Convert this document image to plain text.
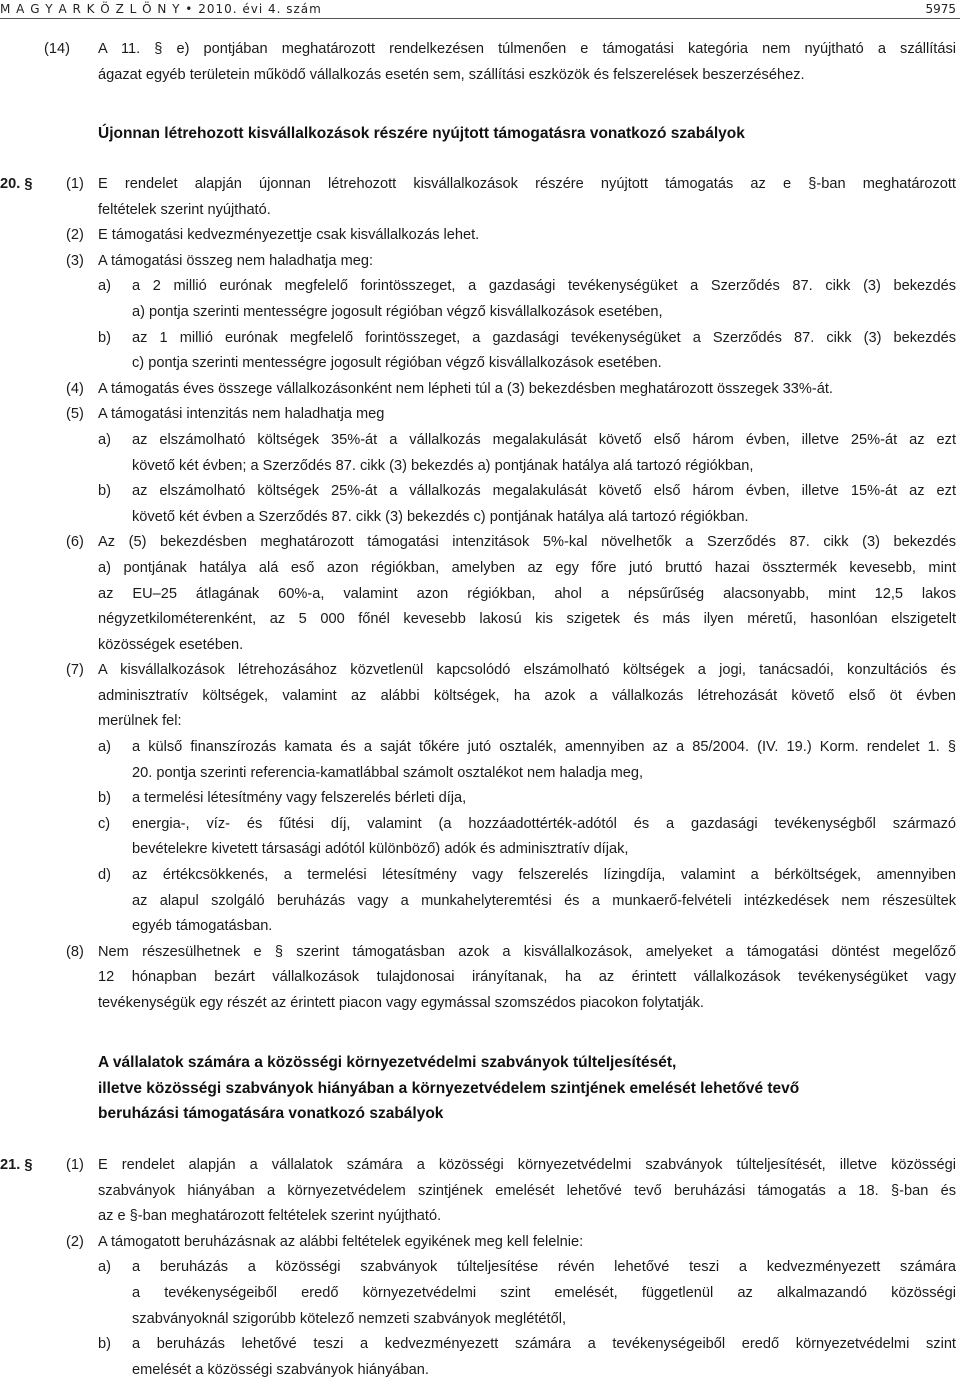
M A G Y A R K Ö Z L Ö N Y • 2010. évi 4. szám	5975
(14) A 11. § e) pontjában meghatározott rendelkezésen túlmenően e támogatási kategória nem nyújtható a szállítási
ágazat egyéb területein működő vállalkozás esetén sem, szállítási eszközök és felszerelések beszerzéséhez.
Újonnan létrehozott kisvállalkozások részére nyújtott támogatásra vonatkozó szabályok
20. § (1) E rendelet alapján újonnan létrehozott kisvállalkozások részére nyújtott támogatás az e §-ban meghatározott
feltételek szerint nyújtható.
(2) E támogatási kedvezményezettje csak kisvállalkozás lehet.
(3) A támogatási összeg nem haladhatja meg:
a) a 2 millió eurónak megfelelő forintösszeget, a gazdasági tevékenységüket a Szerződés 87. cikk (3) bekezdés
a) pontja szerinti mentességre jogosult régióban végző kisvállalkozások esetében,
b) az 1 millió eurónak megfelelő forintösszeget, a gazdasági tevékenységüket a Szerződés 87. cikk (3) bekezdés
c) pontja szerinti mentességre jogosult régióban végző kisvállalkozások esetében.
(4) A támogatás éves összege vállalkozásonként nem lépheti túl a (3) bekezdésben meghatározott összegek 33%-át.
(5) A támogatási intenzitás nem haladhatja meg
a) az elszámolható költségek 35%-át a vállalkozás megalakulását követő első három évben, illetve 25%-át az ezt
követő két évben; a Szerződés 87. cikk (3) bekezdés a) pontjának hatálya alá tartozó régiókban,
b) az elszámolható költségek 25%-át a vállalkozás megalakulását követő első három évben, illetve 15%-át az ezt
követő két évben a Szerződés 87. cikk (3) bekezdés c) pontjának hatálya alá tartozó régiókban.
(6) Az (5) bekezdésben meghatározott támogatási intenzitások 5%-kal növelhetők a Szerződés 87. cikk (3) bekezdés
a) pontjának hatálya alá eső azon régiókban, amelyben az egy főre jutó bruttó hazai össztermék kevesebb, mint
az EU–25 átlagának 60%-a, valamint azon régiókban, ahol a népsűrűség alacsonyabb, mint 12,5 lakos
négyzetkilométerenként, az 5 000 főnél kevesebb lakosú kis szigetek és más ilyen méretű, hasonlóan elszigetelt
közösségek esetében.
(7) A kisvállalkozások létrehozásához közvetlenül kapcsolódó elszámolható költségek a jogi, tanácsadói, konzultációs és
adminisztratív költségek, valamint az alábbi költségek, ha azok a vállalkozás létrehozását követő első öt évben
merülnek fel:
a) a külső finanszírozás kamata és a saját tőkére jutó osztalék, amennyiben az a 85/2004. (IV. 19.) Korm. rendelet 1. §
20. pontja szerinti referencia-kamatlábbal számolt osztalékot nem haladja meg,
b) a termelési létesítmény vagy felszerelés bérleti díja,
c) energia-, víz- és fűtési díj, valamint (a hozzáadottérték-adótól és a gazdasági tevékenységből származó
bevételekre kivetett társasági adótól különböző) adók és adminisztratív díjak,
d) az értékcsökkenés, a termelési létesítmény vagy felszerelés lízingdíja, valamint a bérköltségek, amennyiben
az alapul szolgáló beruházás vagy a munkahelyteremtési és a munkaerő-felvételi intézkedések nem részesültek
egyéb támogatásban.
(8) Nem részesülhetnek e § szerint támogatásban azok a kisvállalkozások, amelyeket a támogatási döntést megelőző
12 hónapban bezárt vállalkozások tulajdonosai irányítanak, ha az érintett vállalkozások tevékenységüket vagy
tevékenységük egy részét az érintett piacon vagy egymással szomszédos piacokon folytatják.
A vállalatok számára a közösségi környezetvédelmi szabványok túlteljesítését,
illetve közösségi szabványok hiányában a környezetvédelem szintjének emelését lehetővé tevő
beruházási támogatására vonatkozó szabályok
21. § (1) E rendelet alapján a vállalatok számára a közösségi környezetvédelmi szabványok túlteljesítését, illetve közösségi
szabványok hiányában a környezetvédelem szintjének emelését lehetővé tevő beruházási támogatás a 18. §-ban és
az e §-ban meghatározott feltételek szerint nyújtható.
(2) A támogatott beruházásnak az alábbi feltételek egyikének meg kell felelnie:
a) a beruházás a közösségi szabványok túlteljesítése révén lehetővé teszi a kedvezményezett számára
a tevékenységeiből eredő környezetvédelmi szint emelését, függetlenül az alkalmazandó közösségi
szabványoknál szigorúbb kötelező nemzeti szabványok meglététől,
b) a beruházás lehetővé teszi a kedvezményezett számára a tevékenységeiből eredő környezetvédelmi szint
emelését a közösségi szabványok hiányában.
